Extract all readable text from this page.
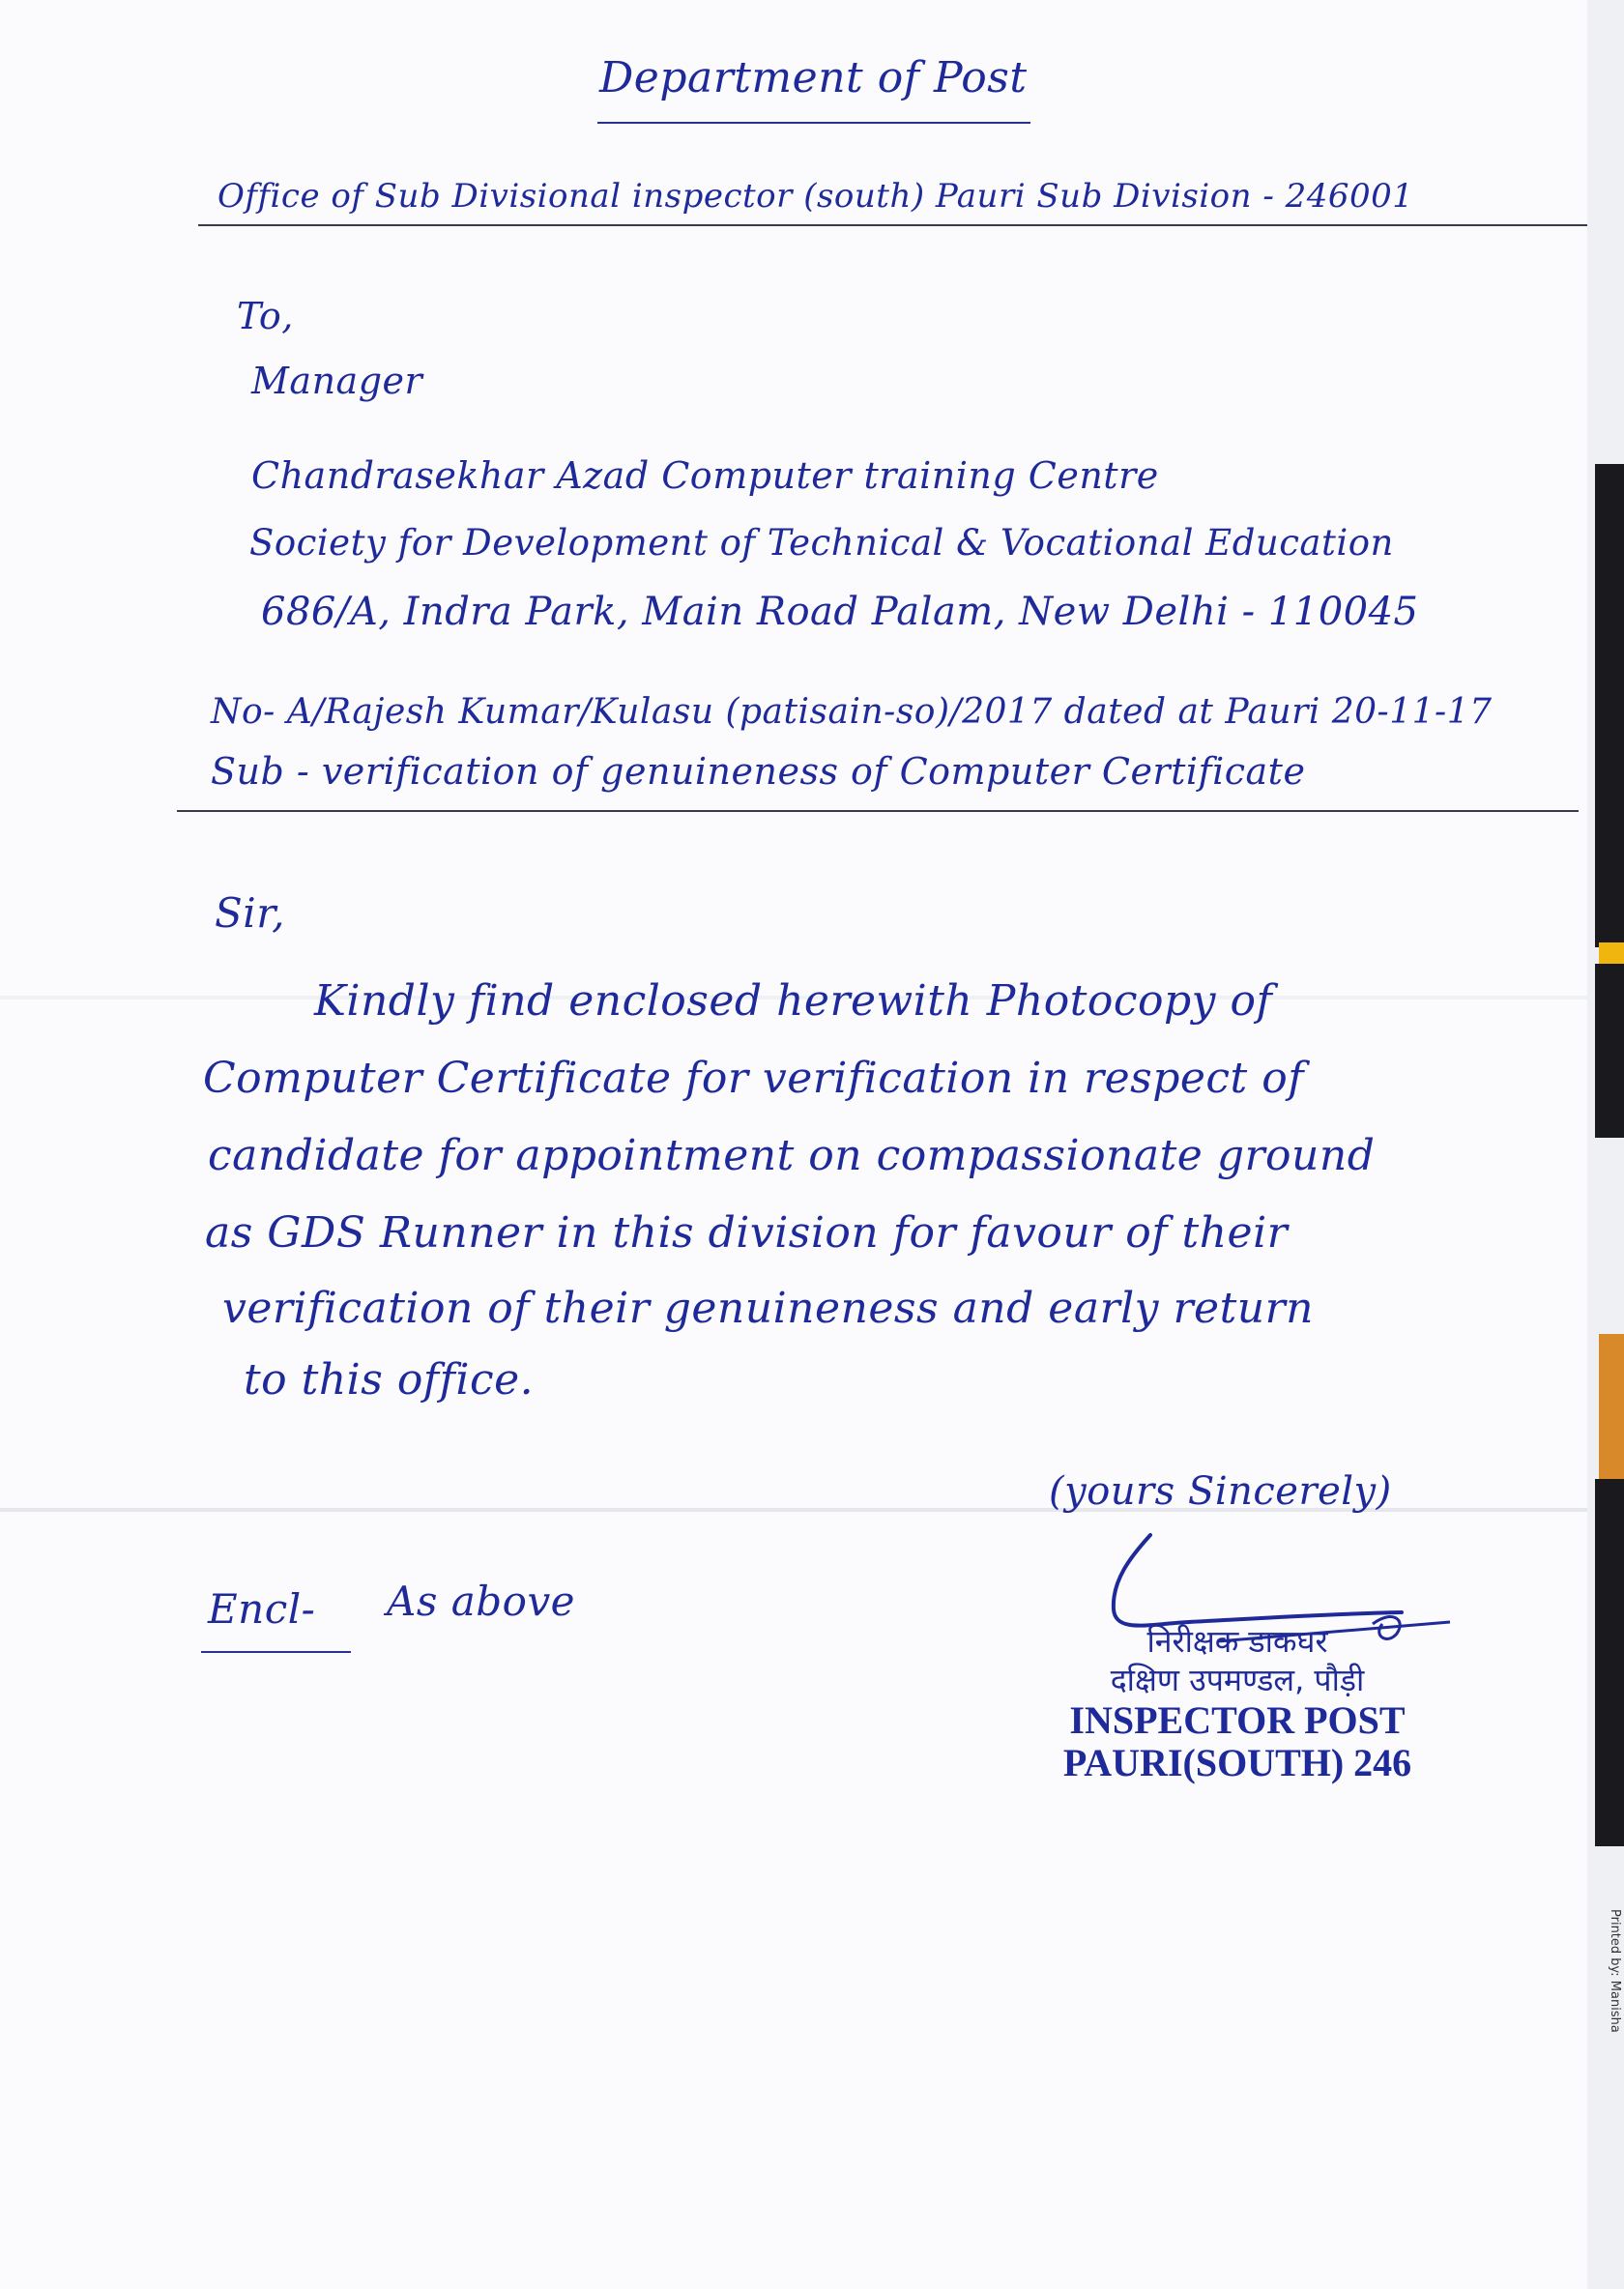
Department of Post
Office of Sub Divisional inspector (south) Pauri Sub Division - 246001
To,
Manager
Chandrasekhar Azad Computer training Centre
Society for Development of Technical & Vocational Education
686/A, Indra Park, Main Road Palam, New Delhi - 110045
No- A/Rajesh Kumar/Kulasu (patisain-so)/2017 dated at Pauri 20-11-17
Sub - verification of genuineness of Computer Certificate
Sir,
Kindly find enclosed herewith Photocopy of
Computer Certificate for verification in respect of
candidate for appointment on compassionate ground
as GDS Runner in this division for favour of their
verification of their genuineness and early return
to this office.
(yours Sincerely)
Encl- As above
निरीक्षक डाकघर
दक्षिण उपमण्डल, पौड़ी
INSPECTOR POST
PAURI(SOUTH) 246
Printed by: Manisha
